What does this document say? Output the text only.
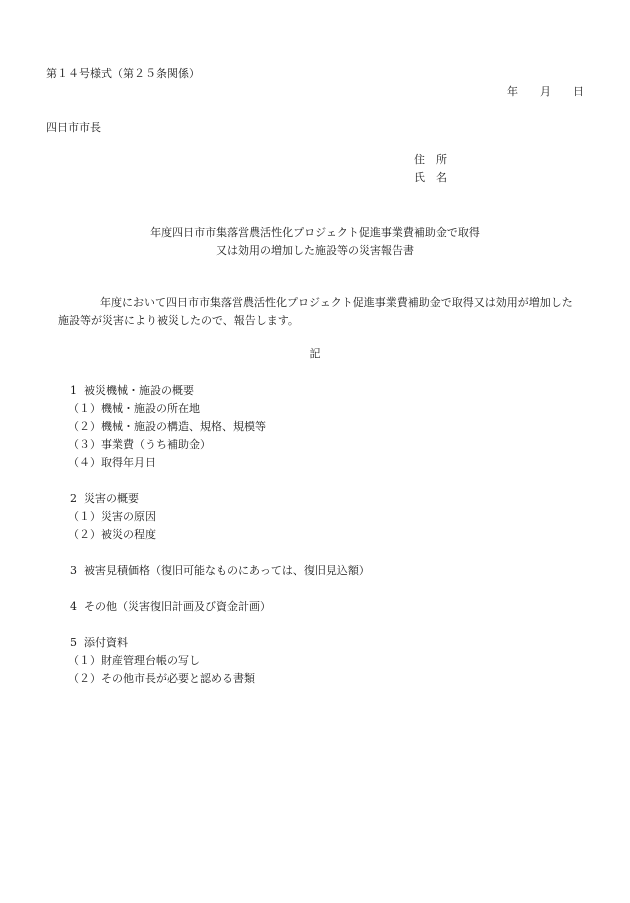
第１４号様式（第２５条関係）
年 月 日
四日市市長
住　所
氏　名
年度四日市市集落営農活性化プロジェクト促進事業費補助金で取得
又は効用の増加した施設等の災害報告書
年度において四日市市集落営農活性化プロジェクト促進事業費補助金で取得又は効用が増加した
施設等が災害により被災したので、報告します。
記
1 被災機械・施設の概要
（１）機械・施設の所在地
（２）機械・施設の構造、規格、規模等
（３）事業費（うち補助金）
（４）取得年月日
2 災害の概要
（１）災害の原因
（２）被災の程度
3 被害見積価格（復旧可能なものにあっては、復旧見込額）
4 その他（災害復旧計画及び資金計画）
5 添付資料
（１）財産管理台帳の写し
（２）その他市長が必要と認める書類
